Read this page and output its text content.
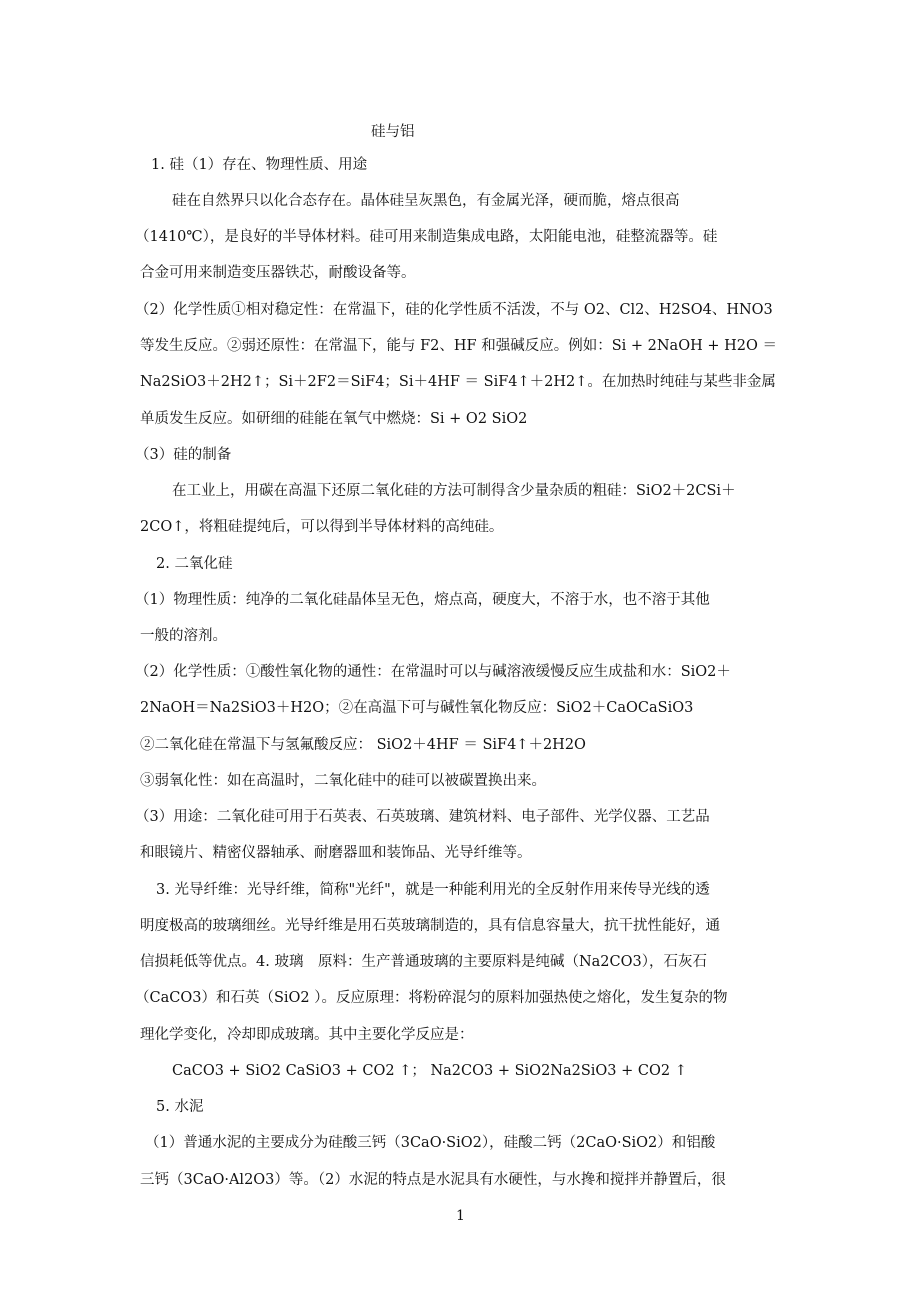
硅与铝
1. 硅（1）存在、物理性质、用途
硅在自然界只以化合态存在。晶体硅呈灰黑色，有金属光泽，硬而脆，熔点很高
（1410℃），是良好的半导体材料。硅可用来制造集成电路，太阳能电池，硅整流器等。硅
合金可用来制造变压器铁芯，耐酸设备等。
（2）化学性质①相对稳定性：在常温下，硅的化学性质不活泼，不与 O2、Cl2、H2SO4、HNO3
等发生反应。②弱还原性：在常温下，能与 F2、HF 和强碱反应。例如：Si + 2NaOH + H2O ＝
Na2SiO3＋2H2↑；Si＋2F2＝SiF4；Si＋4HF ＝ SiF4↑＋2H2↑。在加热时纯硅与某些非金属
单质发生反应。如研细的硅能在氧气中燃烧：Si + O2 SiO2
（3）硅的制备
在工业上，用碳在高温下还原二氧化硅的方法可制得含少量杂质的粗硅：SiO2＋2CSi＋
2CO↑，将粗硅提纯后，可以得到半导体材料的高纯硅。
2. 二氧化硅
（1）物理性质：纯净的二氧化硅晶体呈无色，熔点高，硬度大，不溶于水，也不溶于其他
一般的溶剂。
（2）化学性质：①酸性氧化物的通性：在常温时可以与碱溶液缓慢反应生成盐和水：SiO2＋
2NaOH＝Na2SiO3＋H2O；②在高温下可与碱性氧化物反应：SiO2＋CaOCaSiO3
②二氧化硅在常温下与氢氟酸反应： SiO2＋4HF ＝ SiF4↑＋2H2O
③弱氧化性：如在高温时，二氧化硅中的硅可以被碳置换出来。
（3）用途：二氧化硅可用于石英表、石英玻璃、建筑材料、电子部件、光学仪器、工艺品
和眼镜片、精密仪器轴承、耐磨器皿和装饰品、光导纤维等。
3. 光导纤维：光导纤维，简称"光纤"，就是一种能利用光的全反射作用来传导光线的透
明度极高的玻璃细丝。光导纤维是用石英玻璃制造的，具有信息容量大，抗干扰性能好，通
信损耗低等优点。4. 玻璃　原料：生产普通玻璃的主要原料是纯碱（Na2CO3），石灰石
（CaCO3）和石英（SiO2 ）。反应原理：将粉碎混匀的原料加强热使之熔化，发生复杂的物
理化学变化，冷却即成玻璃。其中主要化学反应是：
CaCO3 + SiO2 CaSiO3 + CO2 ↑； Na2CO3 + SiO2Na2SiO3 + CO2 ↑
5. 水泥
（1）普通水泥的主要成分为硅酸三钙（3CaO·SiO2），硅酸二钙（2CaO·SiO2）和铝酸
三钙（3CaO·Al2O3）等。（2）水泥的特点是水泥具有水硬性，与水搀和搅拌并静置后，很
1
